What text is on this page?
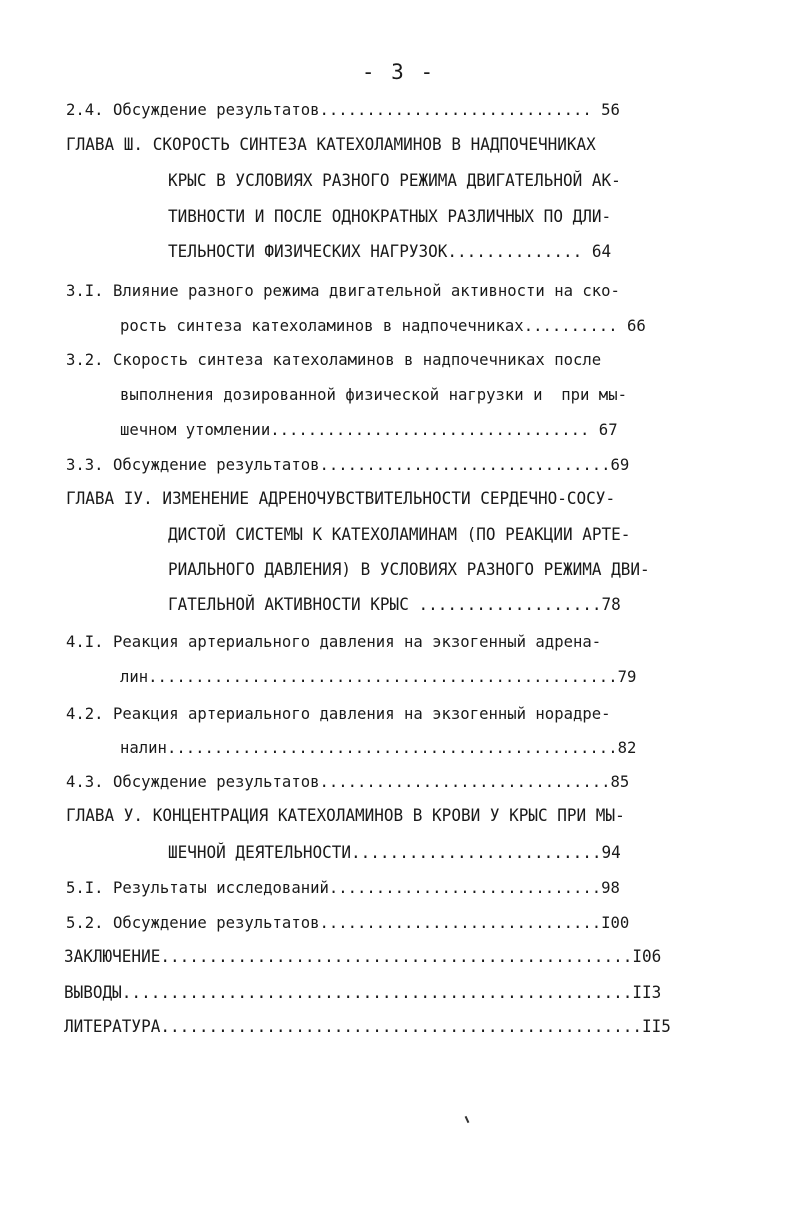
- 3 -
2.4. Обсуждение результатов............................. 56
ГЛАВА Ш. СКОРОСТЬ СИНТЕЗА КАТЕХОЛАМИНОВ В НАДПОЧЕЧНИКАХ
КРЫС В УСЛОВИЯХ РАЗНОГО РЕЖИМА ДВИГАТЕЛЬНОЙ АК-
ТИВНОСТИ И ПОСЛЕ ОДНОКРАТНЫХ РАЗЛИЧНЫХ ПО ДЛИ-
ТЕЛЬНОСТИ ФИЗИЧЕСКИХ НАГРУЗОК.............. 64
3.I. Влияние разного режима двигательной активности на ско-
рость синтеза катехоламинов в надпочечниках.......... 66
3.2. Скорость синтеза катехоламинов в надпочечниках после
выполнения дозированной физической нагрузки и  при мы-
шечном утомлении.................................. 67
3.3. Обсуждение результатов...............................69
ГЛАВА IУ. ИЗМЕНЕНИЕ АДРЕНОЧУВСТВИТЕЛЬНОСТИ СЕРДЕЧНО-СОСУ-
ДИСТОЙ СИСТЕМЫ К КАТЕХОЛАМИНАМ (ПО РЕАКЦИИ АРТЕ-
РИАЛЬНОГО ДАВЛЕНИЯ) В УСЛОВИЯХ РАЗНОГО РЕЖИМА ДВИ-
ГАТЕЛЬНОЙ АКТИВНОСТИ КРЫС ...................78
4.I. Реакция артериального давления на экзогенный адрена-
лин..................................................79
4.2. Реакция артериального давления на экзогенный норадре-
налин................................................82
4.3. Обсуждение результатов...............................85
ГЛАВА У. КОНЦЕНТРАЦИЯ КАТЕХОЛАМИНОВ В КРОВИ У КРЫС ПРИ МЫ-
ШЕЧНОЙ ДЕЯТЕЛЬНОСТИ..........................94
5.I. Результаты исследований.............................98
5.2. Обсуждение результатов..............................I00
ЗАКЛЮЧЕНИЕ.................................................I06
ВЫВОДЫ.....................................................II3
ЛИТЕРАТУРА..................................................II5
